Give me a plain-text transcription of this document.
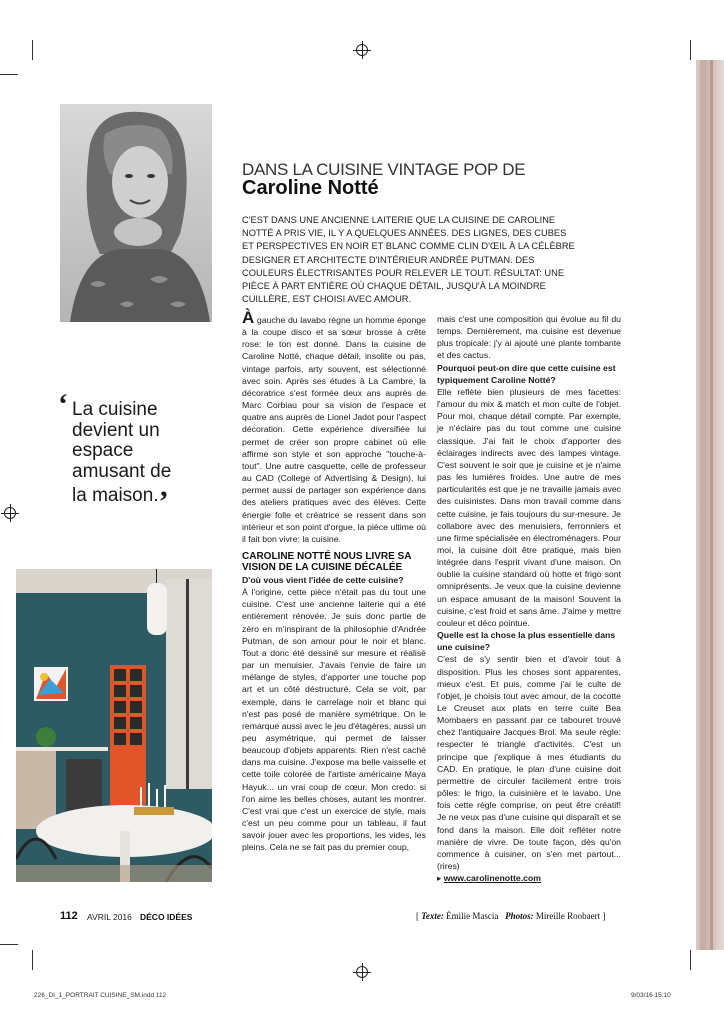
DANS LA CUISINE VINTAGE POP DE
Caroline Notté
C'EST DANS UNE ANCIENNE LAITERIE QUE LA CUISINE DE CAROLINE NOTTÉ A PRIS VIE, IL Y A QUELQUES ANNÉES. DES LIGNES, DES CUBES ET PERSPECTIVES EN NOIR ET BLANC COMME CLIN D'ŒIL À LA CÉLÈBRE DESIGNER ET ARCHITECTE D'INTÉRIEUR ANDRÉE PUTMAN. DES COULEURS ÉLECTRISANTES POUR RELEVER LE TOUT. RÉSULTAT: UNE PIÈCE À PART ENTIÈRE OÙ CHAQUE DÉTAIL, JUSQU'À LA MOINDRE CUILLÈRE, EST CHOISI AVEC AMOUR.
‘ La cuisine devient un espace amusant de la maison.’

À gauche du lavabo règne un homme éponge à la coupe disco et sa sœur brosse à crête rose: le ton est donné. Dans la cuisine de Caroline Notté, chaque détail, insolite ou pas, vintage parfois, arty souvent, est sélectionné avec soin. Après ses études à La Cambre, la décoratrice s'est formée deux ans auprès de Marc Corbiau pour sa vision de l'espace et quatre ans auprès de Lionel Jadot pour l'aspect décoration. Cette expérience diversifiée lui permet de créer son propre cabinet où elle affirme son style et son approche "touche-à-tout". Une autre casquette, celle de professeur au CAD (College of Advertising & Design), lui permet aussi de partager son expérience dans des ateliers pratiques avec des élèves. Cette énergie folle et créatrice se ressent dans son intérieur et son point d'orgue, la pièce ultime où il fait bon vivre: la cuisine.

CAROLINE NOTTÉ NOUS LIVRE SA VISION DE LA CUISINE DÉCALÉE

D'où vous vient l'idée de cette cuisine?

À l'origine, cette pièce n'était pas du tout une cuisine. C'est une ancienne laiterie qui a été entièrement rénovée. Je suis donc partie de zéro en m'inspirant de la philosophie d'Andrée Putman, de son amour pour le noir et blanc. Tout a donc été dessiné sur mesure et réalisé par un menuisier. J'avais l'envie de faire un mélange de styles, d'apporter une touche pop art et un côté déstructuré. Cela se voit, par exemple, dans le carrelage noir et blanc qui n'est pas posé de manière symétrique. On le remarque aussi avec le jeu d'étagères, aussi un peu asymétrique, qui permet de laisser beaucoup d'objets apparents. Rien n'est caché dans ma cuisine. J'expose ma belle vaisselle et cette toile colorée de l'artiste américaine Maya Hayuk... un vrai coup de cœur. Mon credo: si l'on aime les belles choses, autant les montrer. C'est vrai que c'est un exercice de style, mais c'est un peu comme pour un tableau, il faut savoir jouer avec les proportions, les vides, les pleins. Cela ne se fait pas du premier coup,

mais c'est une composition qui évolue au fil du temps. Dernièrement, ma cuisine est devenue plus tropicale: j'y ai ajouté une plante tombante et des cactus.

Pourquoi peut-on dire que cette cuisine est typiquement Caroline Notté?

Elle reflète bien plusieurs de mes facettes: l'amour du mix & match et mon culte de l'objet. Pour moi, chaque détail compte. Par exemple, je n'éclaire pas du tout comme une cuisine classique. J'ai fait le choix d'apporter des éclairages indirects avec des lampes vintage. C'est souvent le soir que je cuisine et je n'aime pas les lumières froides. Une autre de mes particularités est que je ne travaille jamais avec des cuisinistes. Dans mon travail comme dans cette cuisine, je fais toujours du sur-mesure. Je collabore avec des menuisiers, ferronniers et une firme spécialisée en électroménagers. Pour moi, la cuisine doit être pratique, mais bien intégrée dans l'esprit vivant d'une maison. On oublie la cuisine standard où hotte et frigo sont omniprésents. Je veux que la cuisine devienne un espace amusant de la maison! Souvent la cuisine, c'est froid et sans âme. J'aime y mettre couleur et déco pointue.

Quelle est la chose la plus essentielle dans une cuisine?

C'est de s'y sentir bien et d'avoir tout à disposition. Plus les choses sont apparentes, mieux c'est. Et puis, comme j'ai le culte de l'objet, je choisis tout avec amour, de la cocotte Le Creuset aux plats en terre cuite Bea Mombaers en passant par ce tabouret trouvé chez l'antiquaire Jacques Brol. Ma seule règle: respecter le triangle d'activités. C'est un principe que j'explique à mes étudiants du CAD. En pratique, le plan d'une cuisine doit permettre de circuler facilement entre trois pôles: le frigo, la cuisinière et le lavabo. Une fois cette règle comprise, on peut être créatif! Je ne veux pas d'une cuisine qui disparaît et se fond dans la maison. Elle doit refléter notre manière de vivre. De toute façon, dès qu'on commence à cuisiner, on s'en met partout... (rires)

▸ www.carolinenotte.com

112 AVRIL 2016 DÉCO IDÉES	[ Texte: Émilie Mascia Photos: Mireille Roobaert ]
226_DI_1_PORTRAIT CUISINE_SM.indd 112	9/03/16 15:10
